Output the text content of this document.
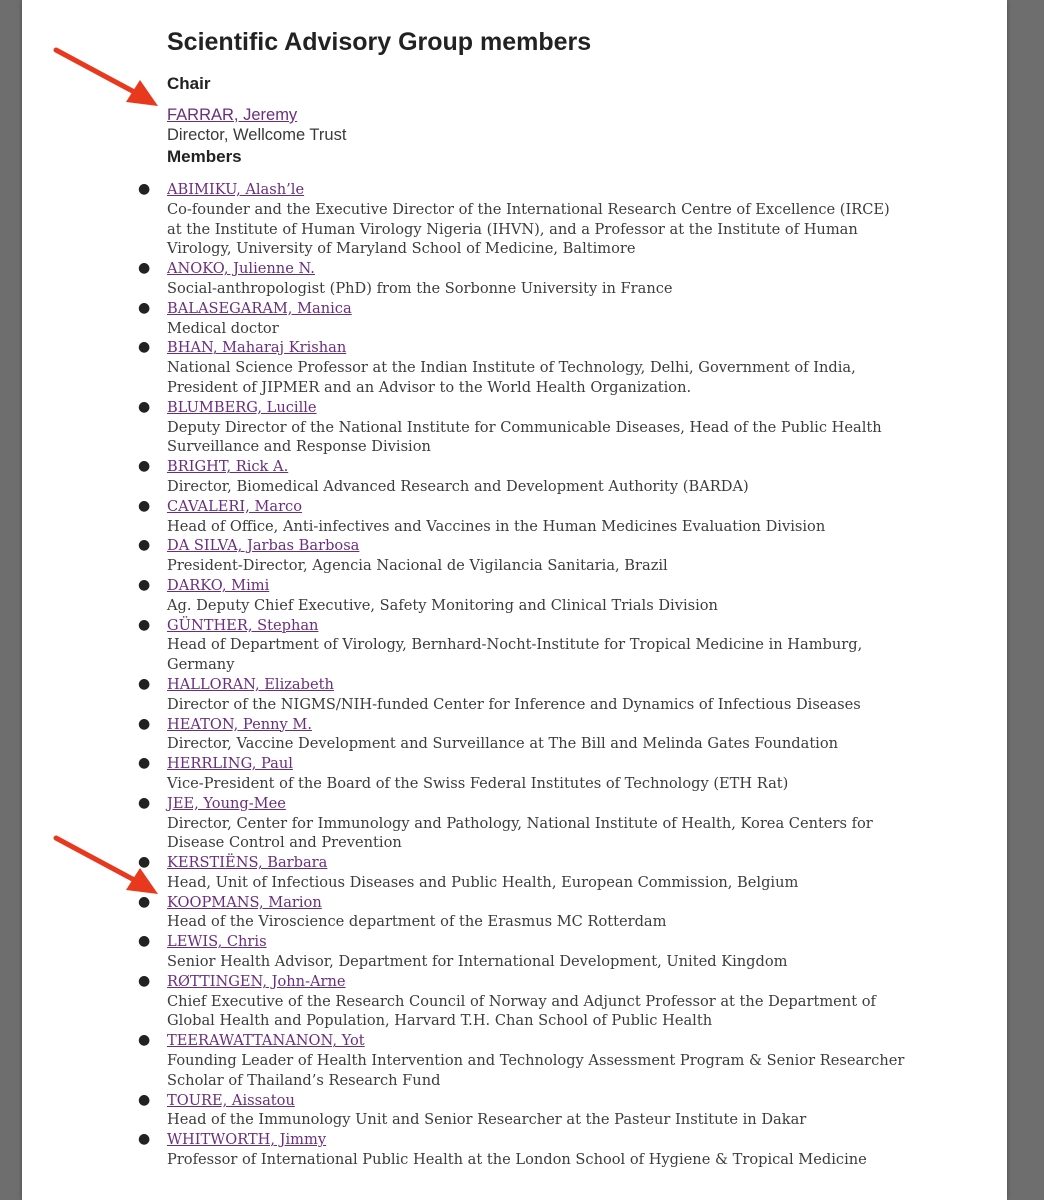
Scientific Advisory Group members
Chair
FARRAR, Jeremy
Director, Wellcome Trust
Members
● ABIMIKU, Alash’le
Co-founder and the Executive Director of the International Research Centre of Excellence (IRCE) at the Institute of Human Virology Nigeria (IHVN), and a Professor at the Institute of Human Virology, University of Maryland School of Medicine, Baltimore
● ANOKO, Julienne N.
Social-anthropologist (PhD) from the Sorbonne University in France
● BALASEGARAM, Manica
Medical doctor
● BHAN, Maharaj Krishan
National Science Professor at the Indian Institute of Technology, Delhi, Government of India, President of JIPMER and an Advisor to the World Health Organization.
● BLUMBERG, Lucille
Deputy Director of the National Institute for Communicable Diseases, Head of the Public Health Surveillance and Response Division
● BRIGHT, Rick A.
Director, Biomedical Advanced Research and Development Authority (BARDA)
● CAVALERI, Marco
Head of Office, Anti-infectives and Vaccines in the Human Medicines Evaluation Division
● DA SILVA, Jarbas Barbosa
President-Director, Agencia Nacional de Vigilancia Sanitaria, Brazil
● DARKO, Mimi
Ag. Deputy Chief Executive, Safety Monitoring and Clinical Trials Division
● GÜNTHER, Stephan
Head of Department of Virology, Bernhard-Nocht-Institute for Tropical Medicine in Hamburg, Germany
● HALLORAN, Elizabeth
Director of the NIGMS/NIH-funded Center for Inference and Dynamics of Infectious Diseases
● HEATON, Penny M.
Director, Vaccine Development and Surveillance at The Bill and Melinda Gates Foundation
● HERRLING, Paul
Vice-President of the Board of the Swiss Federal Institutes of Technology (ETH Rat)
● JEE, Young-Mee
Director, Center for Immunology and Pathology, National Institute of Health, Korea Centers for Disease Control and Prevention
● KERSTIËNS, Barbara
Head, Unit of Infectious Diseases and Public Health, European Commission, Belgium
● KOOPMANS, Marion
Head of the Viroscience department of the Erasmus MC Rotterdam
● LEWIS, Chris
Senior Health Advisor, Department for International Development, United Kingdom
● RØTTINGEN, John-Arne
Chief Executive of the Research Council of Norway and Adjunct Professor at the Department of Global Health and Population, Harvard T.H. Chan School of Public Health
● TEERAWATTANANON, Yot
Founding Leader of Health Intervention and Technology Assessment Program & Senior Researcher Scholar of Thailand’s Research Fund
● TOURE, Aissatou
Head of the Immunology Unit and Senior Researcher at the Pasteur Institute in Dakar
● WHITWORTH, Jimmy
Professor of International Public Health at the London School of Hygiene & Tropical Medicine
